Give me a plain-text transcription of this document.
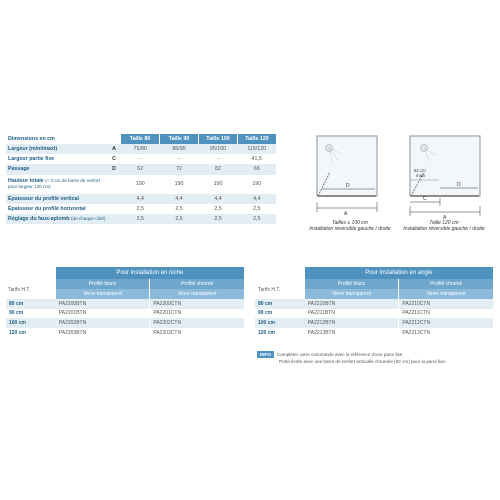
Dimensions en cm		Taille 80	Taille 90	Taille 100	Taille 120
Largeur (mini/maxi)	A	75/80	85/90	95/100	115/120
Largeur partie fixe	C	-	-	-	41,5
Passage	D	62	72	82	68
Hauteur totale (+ 3 cm de barre de renfort pour largeur 120 cm)		190	190	190	190
Épaisseur du profilé vertical		4,4	4,4	4,4	4,4
Épaisseur du profilé horizontal		2,5	2,5	2,5	2,5
Réglage du faux-aplomb (de chaque côté)		2,5	2,5	2,5	2,5
D
A
Tailles ≤ 100 cm
Installation réversible gauche / droite
62 cm
maxi
D
C
A
Taille 120 cm
Installation réversible gauche / droite
Tarifs H.T.
	Pour installation en niche	
	Profilé blanc	Profilé chromé
	Verre transparent	Verre transparent
80 cm	PA2200BTN	PA2200CTN
90 cm	PA2201BTN	PA2201CTN
100 cm	PA2202BTN	PA2202CTN
120 cm	PA2203BTN	PA2203CTN
Tarifs H.T.
	Pour installation en angle	
	Profilé blanc	Profilé chromé
	Verre transparent	Verre transparent
80 cm	PA2210BTN	PA2210CTN
90 cm	PA2211BTN	PA2211CTN
100 cm	PA2212BTN	PA2212CTN
120 cm	PA2213BTN	PA2213CTN
INFO Compléter votre commande avec la référence d'une paroi fixe
Porte livrée avec une barre de renfort articulée chromée (62 cm) pour la paroi fixe.
